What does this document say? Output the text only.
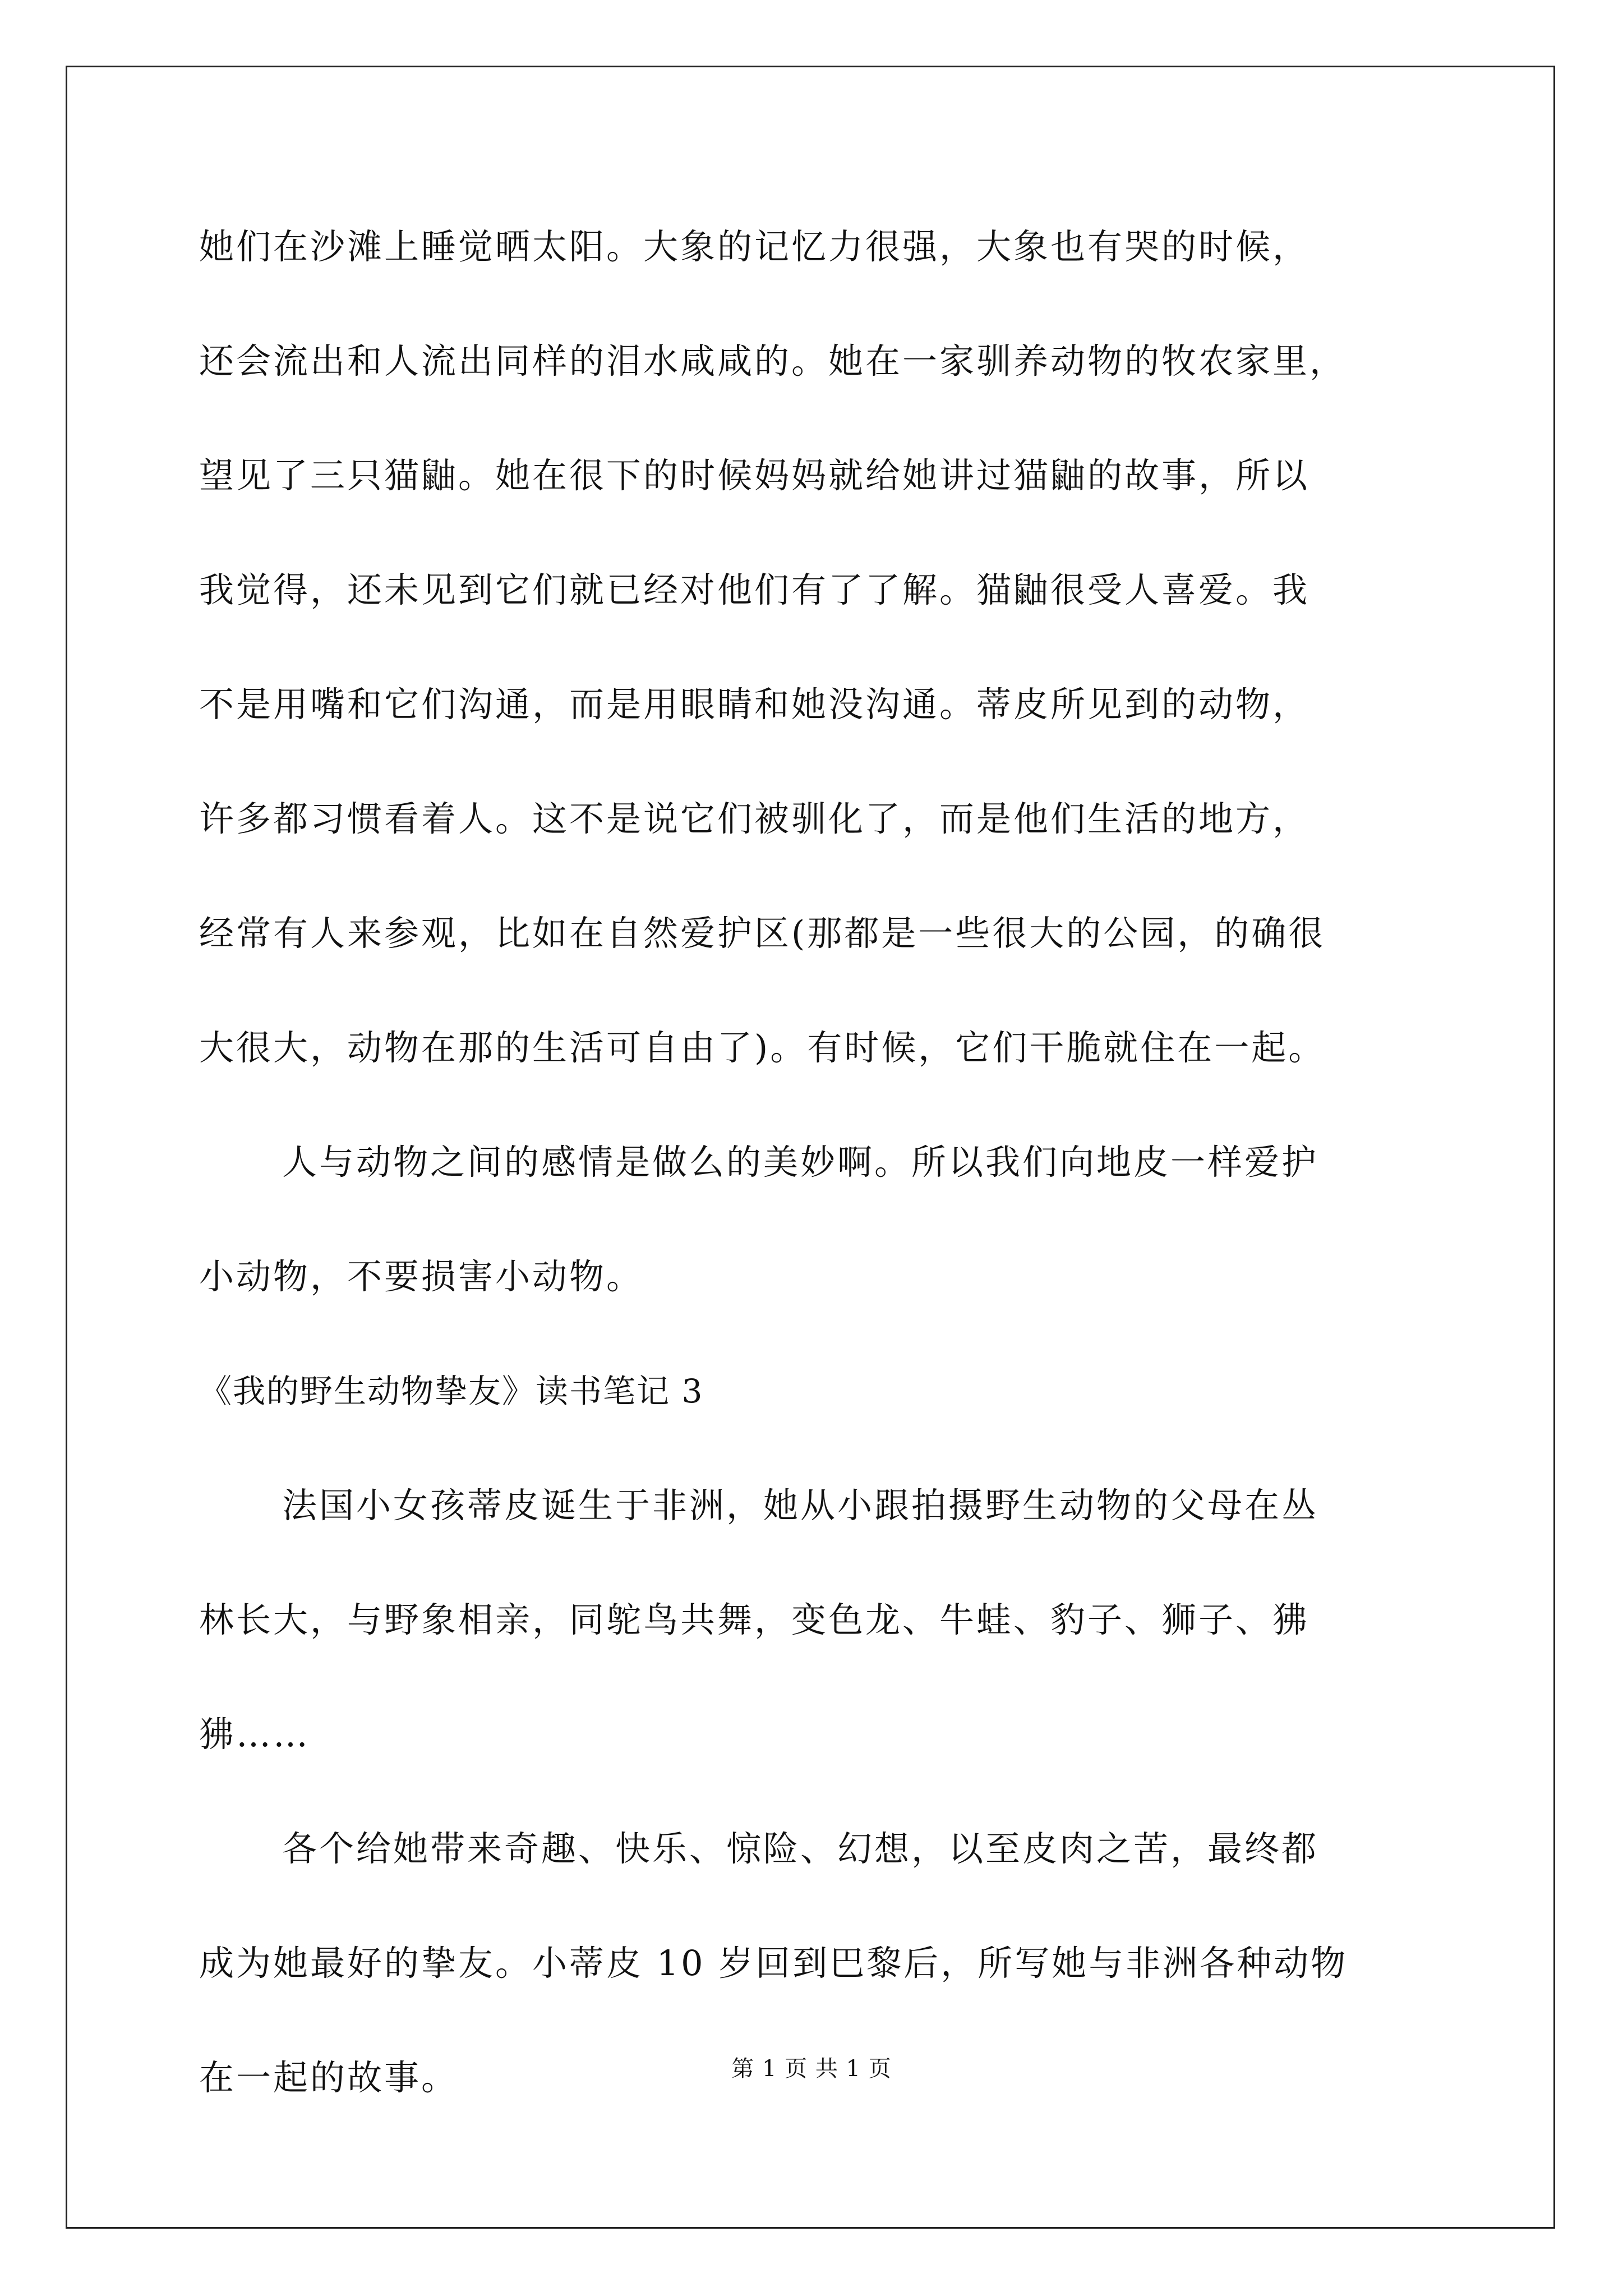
她们在沙滩上睡觉晒太阳。大象的记忆力很强，大象也有哭的时候，
还会流出和人流出同样的泪水咸咸的。她在一家驯养动物的牧农家里，
望见了三只猫鼬。她在很下的时候妈妈就给她讲过猫鼬的故事，所以
我觉得，还未见到它们就已经对他们有了了解。猫鼬很受人喜爱。我
不是用嘴和它们沟通，而是用眼睛和她没沟通。蒂皮所见到的动物，
许多都习惯看着人。这不是说它们被驯化了，而是他们生活的地方，
经常有人来参观，比如在自然爱护区(那都是一些很大的公园，的确很
大很大，动物在那的生活可自由了)。有时候，它们干脆就住在一起。
人与动物之间的感情是做么的美妙啊。所以我们向地皮一样爱护
小动物，不要损害小动物。
《我的野生动物挚友》读书笔记 3
法国小女孩蒂皮诞生于非洲，她从小跟拍摄野生动物的父母在丛
林长大，与野象相亲，同鸵鸟共舞，变色龙、牛蛙、豹子、狮子、狒
狒……
各个给她带来奇趣、快乐、惊险、幻想，以至皮肉之苦，最终都
成为她最好的挚友。小蒂皮 10 岁回到巴黎后，所写她与非洲各种动物
在一起的故事。	第 1 页 共 1 页
